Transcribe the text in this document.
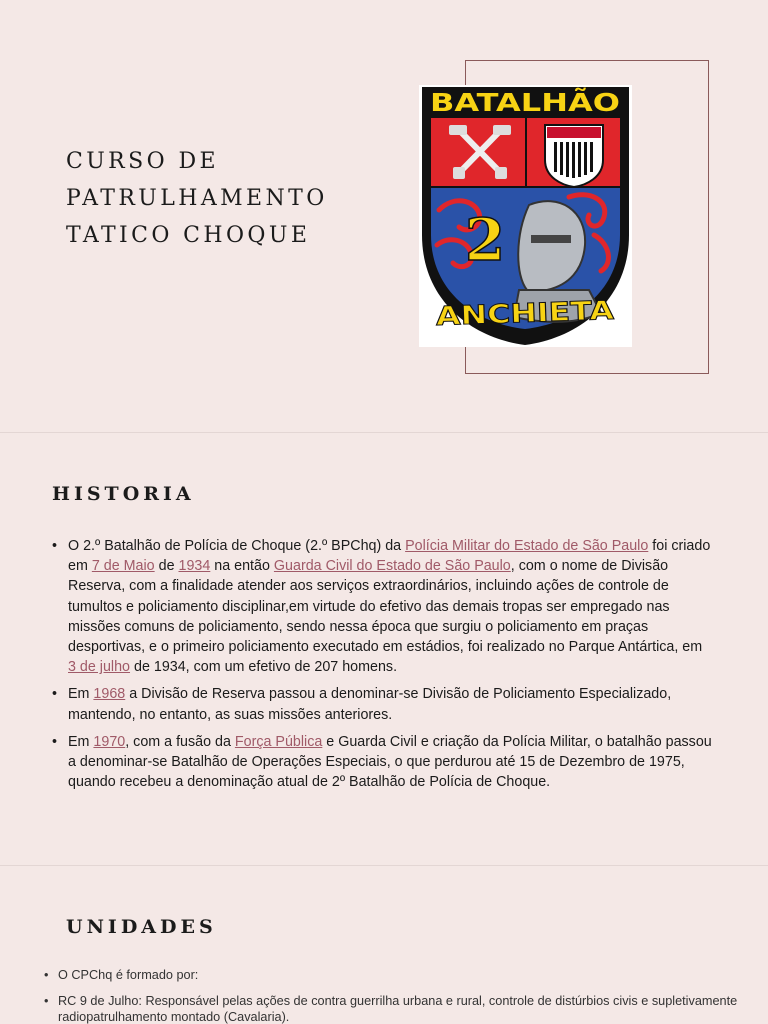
CURSO DE
PATRULHAMENTO
TATICO CHOQUE	2
BATALHÃO
ANCHIETA
HISTORIA
• O 2.º Batalhão de Polícia de Choque (2.º BPChq) da Polícia Militar do Estado de São Paulo foi criado em 7 de Maio de 1934 na então Guarda Civil do Estado de São Paulo, com o nome de Divisão Reserva, com a finalidade atender aos serviços extraordinários, incluindo ações de controle de tumultos e policiamento disciplinar,em virtude do efetivo das demais tropas ser empregado nas missões comuns de policiamento, sendo nessa época que surgiu o policiamento em praças desportivas, e o primeiro policiamento executado em estádios, foi realizado no Parque Antártica, em 3 de julho de 1934, com um efetivo de 207 homens.
• Em 1968 a Divisão de Reserva passou a denominar-se Divisão de Policiamento Especializado, mantendo, no entanto, as suas missões anteriores.
• Em 1970, com a fusão da Força Pública e Guarda Civil e criação da Polícia Militar, o batalhão passou a denominar-se Batalhão de Operações Especiais, o que perdurou até 15 de Dezembro de 1975, quando recebeu a denominação atual de 2º Batalhão de Polícia de Choque.
UNIDADES
• O CPChq é formado por:
• RC 9 de Julho: Responsável pelas ações de contra guerrilha urbana e rural, controle de distúrbios civis e supletivamente radiopatrulhamento montado (Cavalaria).
